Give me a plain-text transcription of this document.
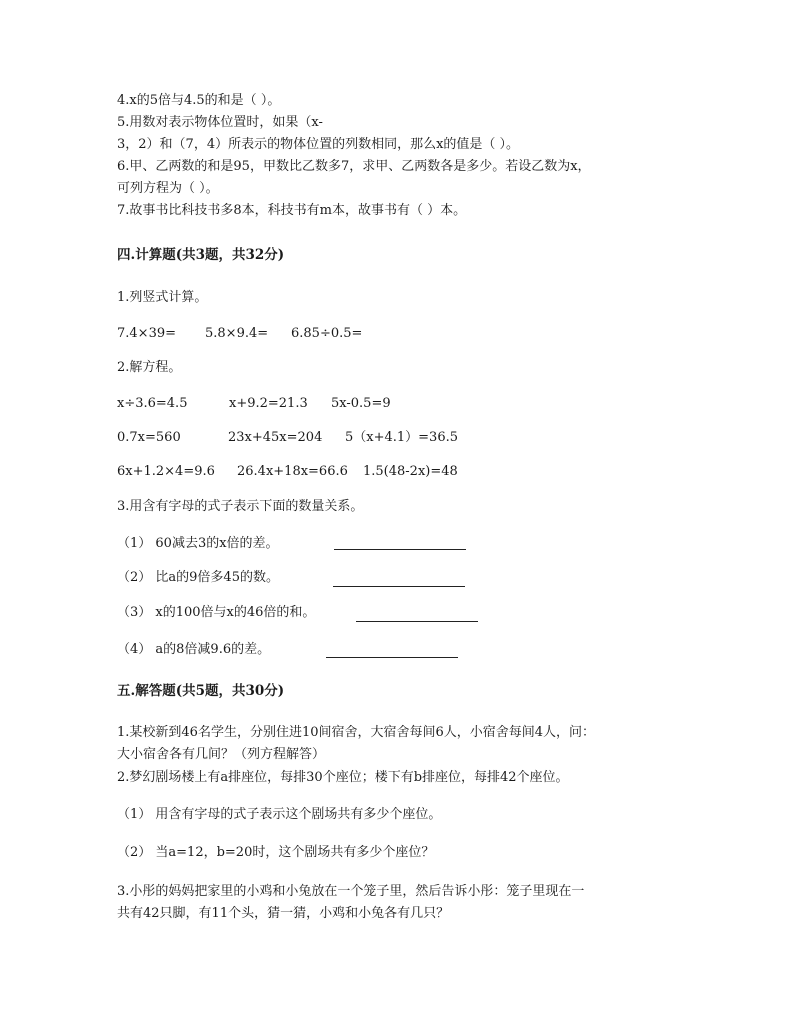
4.x的5倍与4.5的和是（ ）。
5.用数对表示物体位置时，如果（x-
3，2）和（7，4）所表示的物体位置的列数相同，那么x的值是（ ）。
6.甲、乙两数的和是95，甲数比乙数多7，求甲、乙两数各是多少。若设乙数为x，
可列方程为（ ）。
7.故事书比科技书多8本，科技书有m本，故事书有（ ）本。
四.计算题(共3题，共32分)
1.列竖式计算。
7.4×39= 5.8×9.4= 6.85÷0.5=
2.解方程。
x÷3.6=4.5	x+9.2=21.3 5x-0.5=9
0.7x=560	23x+45x=204 5（x+4.1）=36.5
6x+1.2×4=9.6 26.4x+18x=66.6 1.5(48-2x)=48
3.用含有字母的式子表示下面的数量关系。
（1） 60减去3的x倍的差。
（2） 比a的9倍多45的数。
（3） x的100倍与x的46倍的和。
（4） a的8倍减9.6的差。
五.解答题(共5题，共30分)
1.某校新到46名学生，分别住进10间宿舍，大宿舍每间6人，小宿舍每间4人，问：
大小宿舍各有几间？（列方程解答）
2.梦幻剧场楼上有a排座位，每排30个座位；楼下有b排座位，每排42个座位。
（1） 用含有字母的式子表示这个剧场共有多少个座位。
（2） 当a=12，b=20时，这个剧场共有多少个座位？
3.小彤的妈妈把家里的小鸡和小兔放在一个笼子里，然后告诉小彤：笼子里现在一
共有42只脚，有11个头，猜一猜，小鸡和小兔各有几只？
